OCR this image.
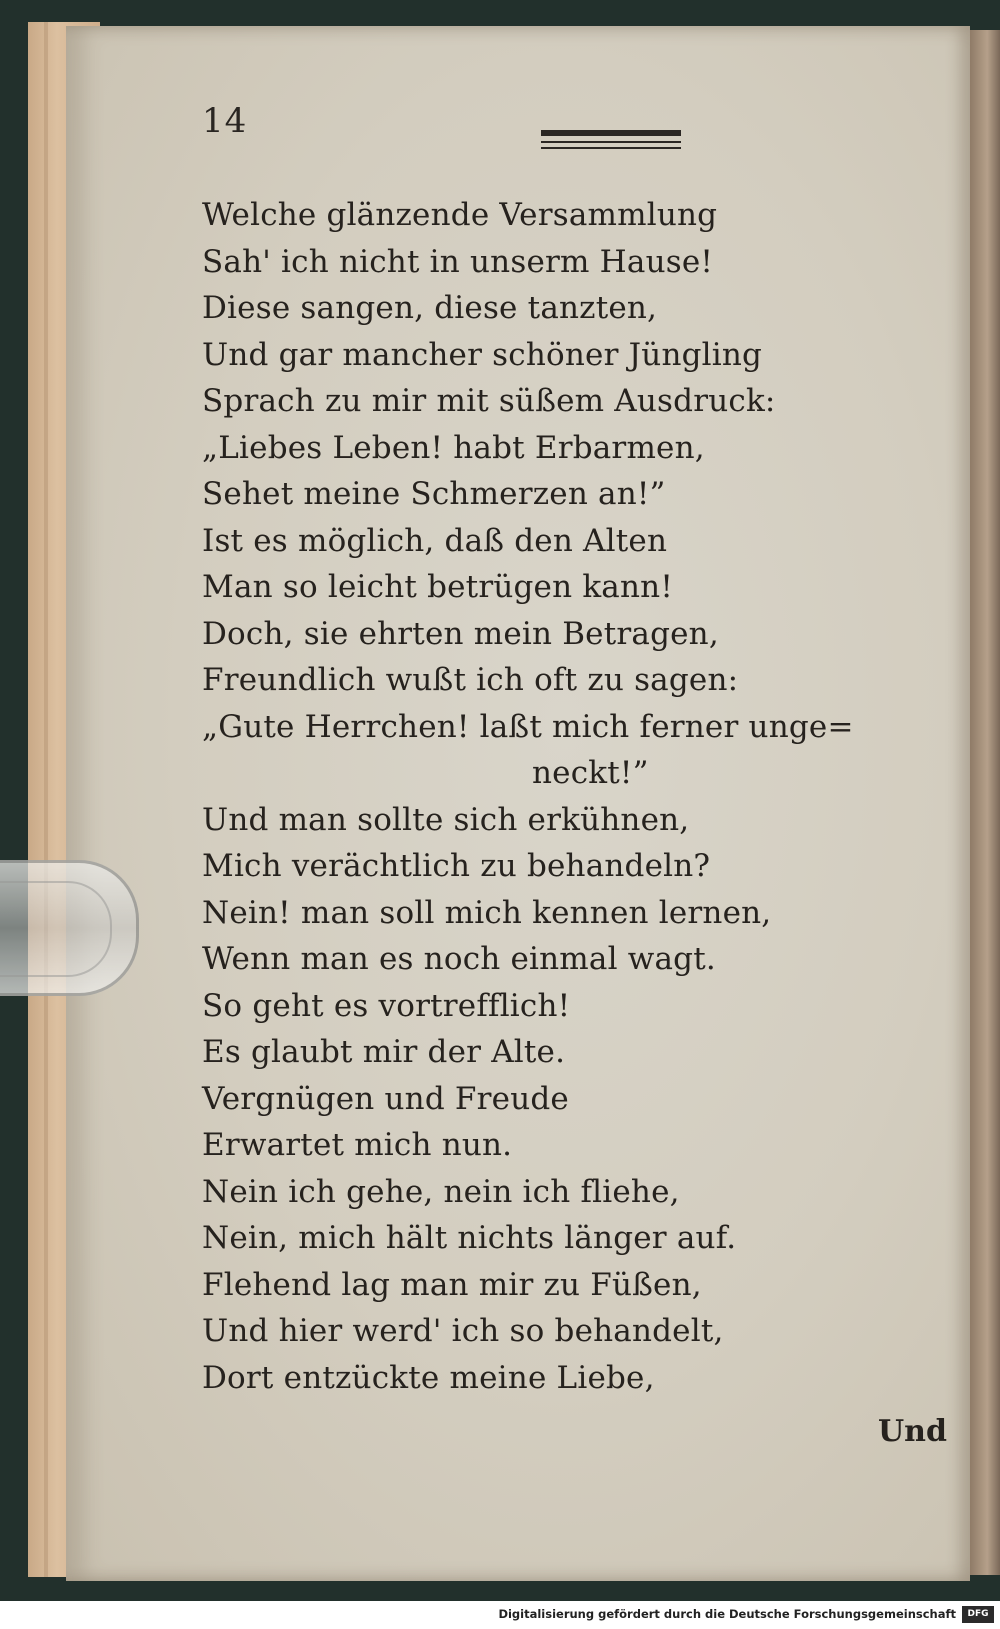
14
Welche glänzende Versammlung
Sah' ich nicht in unserm Hause!
Diese sangen, diese tanzten,
Und gar mancher schöner Jüngling
Sprach zu mir mit süßem Ausdruck:
„Liebes Leben! habt Erbarmen,
Sehet meine Schmerzen an!”
Ist es möglich, daß den Alten
Man so leicht betrügen kann!
Doch, sie ehrten mein Betragen,
Freundlich wußt ich oft zu sagen:
„Gute Herrchen! laßt mich ferner unge=
neckt!”
Und man sollte sich erkühnen,
Mich verächtlich zu behandeln?
Nein! man soll mich kennen lernen,
Wenn man es noch einmal wagt.
So geht es vortrefflich!
Es glaubt mir der Alte.
Vergnügen und Freude
Erwartet mich nun.
Nein ich gehe, nein ich fliehe,
Nein, mich hält nichts länger auf.
Flehend lag man mir zu Füßen,
Und hier werd' ich so behandelt,
Dort entzückte meine Liebe,
Und
Digitalisierung gefördert durch die Deutsche Forschungsgemeinschaft	DFG
